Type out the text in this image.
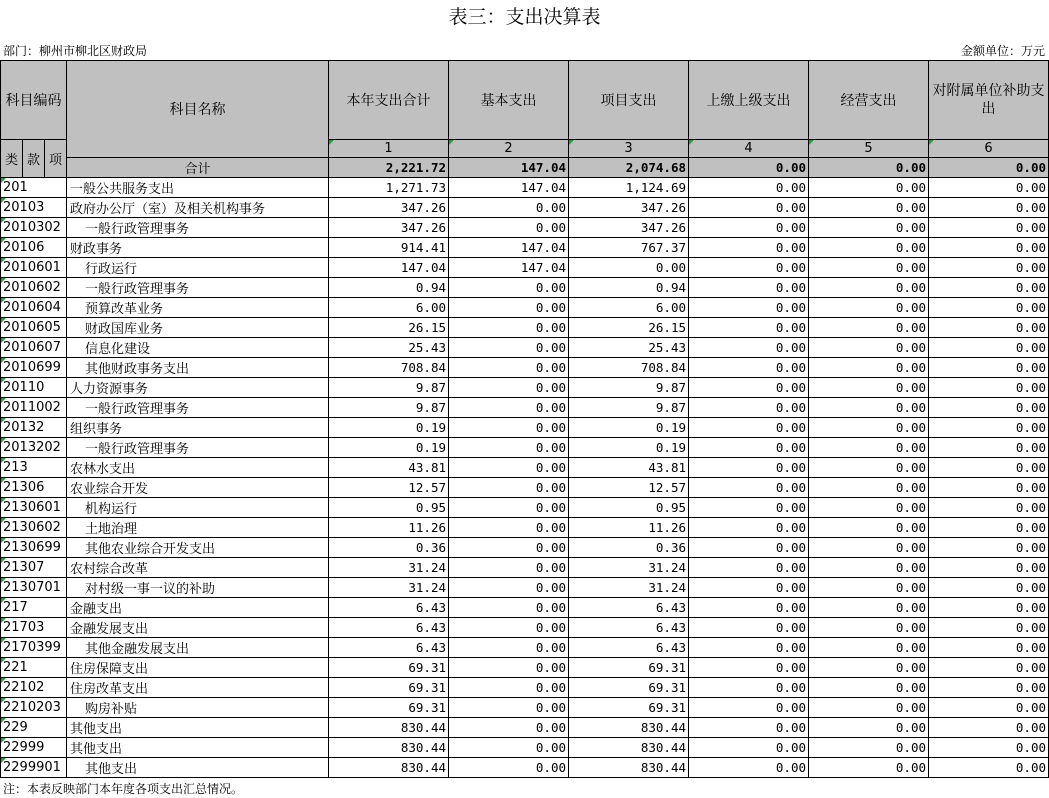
表三：支出决算表
部门：柳州市柳北区财政局	金额单位：万元
科目编码			科目名称	本年支出合计	基本支出	项目支出	上缴上级支出	经营支出	对附属单位补助支出
类	款	项		1	2	3	4	5	6
			合计	2,221.72	147.04	2,074.68	0.00	0.00	0.00
201			一般公共服务支出	1,271.73	147.04	1,124.69	0.00	0.00	0.00
20103			政府办公厅（室）及相关机构事务	347.26	0.00	347.26	0.00	0.00	0.00
2010302			一般行政管理事务	347.26	0.00	347.26	0.00	0.00	0.00
20106			财政事务	914.41	147.04	767.37	0.00	0.00	0.00
2010601			行政运行	147.04	147.04	0.00	0.00	0.00	0.00
2010602			一般行政管理事务	0.94	0.00	0.94	0.00	0.00	0.00
2010604			预算改革业务	6.00	0.00	6.00	0.00	0.00	0.00
2010605			财政国库业务	26.15	0.00	26.15	0.00	0.00	0.00
2010607			信息化建设	25.43	0.00	25.43	0.00	0.00	0.00
2010699			其他财政事务支出	708.84	0.00	708.84	0.00	0.00	0.00
20110			人力资源事务	9.87	0.00	9.87	0.00	0.00	0.00
2011002			一般行政管理事务	9.87	0.00	9.87	0.00	0.00	0.00
20132			组织事务	0.19	0.00	0.19	0.00	0.00	0.00
2013202			一般行政管理事务	0.19	0.00	0.19	0.00	0.00	0.00
213			农林水支出	43.81	0.00	43.81	0.00	0.00	0.00
21306			农业综合开发	12.57	0.00	12.57	0.00	0.00	0.00
2130601			机构运行	0.95	0.00	0.95	0.00	0.00	0.00
2130602			土地治理	11.26	0.00	11.26	0.00	0.00	0.00
2130699			其他农业综合开发支出	0.36	0.00	0.36	0.00	0.00	0.00
21307			农村综合改革	31.24	0.00	31.24	0.00	0.00	0.00
2130701			对村级一事一议的补助	31.24	0.00	31.24	0.00	0.00	0.00
217			金融支出	6.43	0.00	6.43	0.00	0.00	0.00
21703			金融发展支出	6.43	0.00	6.43	0.00	0.00	0.00
2170399			其他金融发展支出	6.43	0.00	6.43	0.00	0.00	0.00
221			住房保障支出	69.31	0.00	69.31	0.00	0.00	0.00
22102			住房改革支出	69.31	0.00	69.31	0.00	0.00	0.00
2210203			购房补贴	69.31	0.00	69.31	0.00	0.00	0.00
229			其他支出	830.44	0.00	830.44	0.00	0.00	0.00
22999			其他支出	830.44	0.00	830.44	0.00	0.00	0.00
2299901			其他支出	830.44	0.00	830.44	0.00	0.00	0.00
注：本表反映部门本年度各项支出汇总情况。
